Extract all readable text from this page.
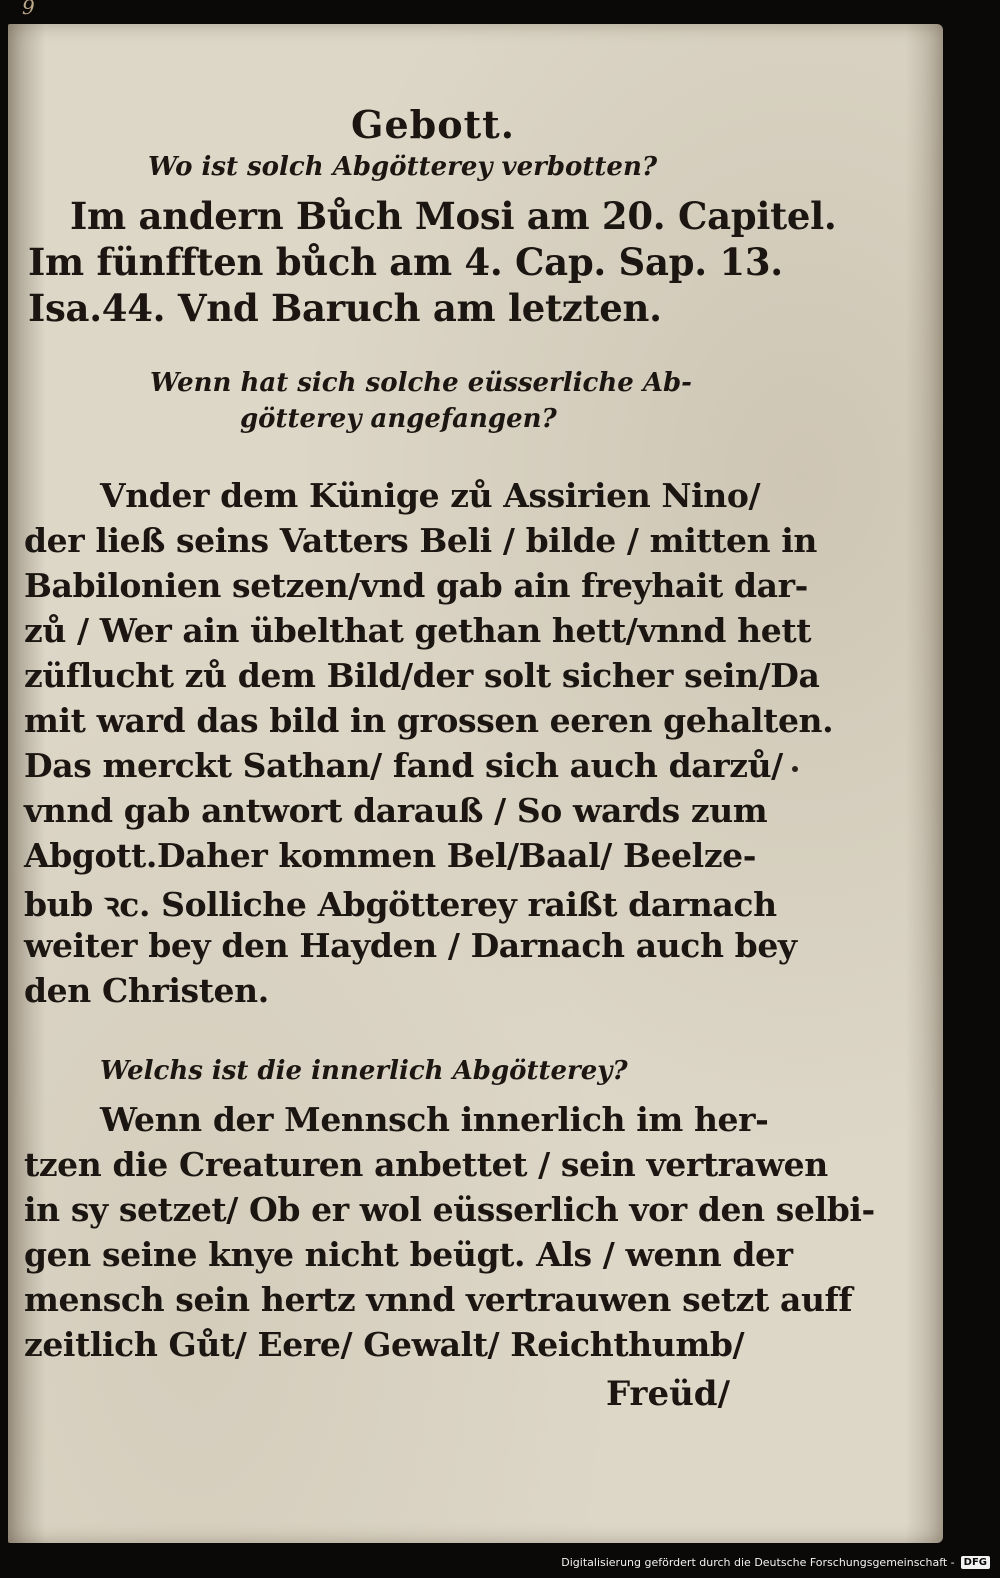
9
Gebott.
Wo ist solch Abgötterey verbotten?
Im andern Bůch Mosi am 20. Capitel.
Im fünfften bůch am 4. Cap. Sap. 13.
Isa.44. Vnd Baruch am letzten.
Wenn hat sich solche eüsserliche Ab-
götterey angefangen?
Vnder dem Künige zů Assirien Nino/
der ließ seins Vatters Beli / bilde / mitten in
Babilonien setzen/vnd gab ain freyhait dar-
zů / Wer ain übelthat gethan hett/vnnd hett
züflucht zů dem Bild/der solt sicher sein/Da
mit ward das bild in grossen eeren gehalten.
Das merckt Sathan/ fand sich auch darzů/
vnnd gab antwort darauß / So wards zum
Abgott.Daher kommen Bel/Baal/ Beelze-
bub ꝛc. Solliche Abgötterey raißt darnach
weiter bey den Hayden / Darnach auch bey
den Christen.
Welchs ist die innerlich Abgötterey?
Wenn der Mennsch innerlich im her-
tzen die Creaturen anbettet / sein vertrawen
in sy setzet/ Ob er wol eüsserlich vor den selbi-
gen seine knye nicht beügt. Als / wenn der
mensch sein hertz vnnd vertrauwen setzt auff
zeitlich Gůt/ Eere/ Gewalt/ Reichthumb/
Freüd/
Digitalisierung gefördert durch die Deutsche Forschungsgemeinschaft - DFG
